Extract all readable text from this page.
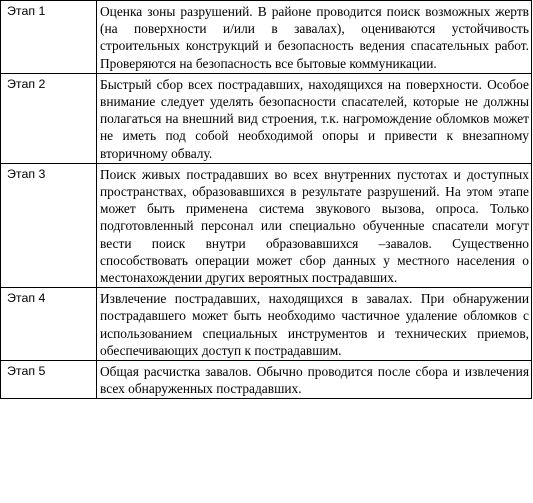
Этап 1	Оценка зоны разрушений. В районе проводится поиск возможных жертв (на поверхности и/или в завалах), оцениваются устойчивость строительных конструкций и безопасность ведения спасательных работ. Проверяются на безопасность все бытовые коммуникации.
Этап 2	Быстрый сбор всех пострадавших, находящихся на поверхности. Особое внимание следует уделять безопасности спасателей, которые не должны полагаться на внешний вид строения, т.к. нагромождение обломков может не иметь под собой необходимой опоры и привести к внезапному вторичному обвалу.
Этап 3	Поиск живых пострадавших во всех внутренних пустотах и доступных пространствах, образовавшихся в результате разрушений. На этом этапе может быть применена система звукового вызова, опроса. Только подготовленный персонал или специально обученные спасатели могут вести поиск внутри образовавшихся –завалов. Существенно способствовать операции может сбор данных у местного населения о местонахождении других вероятных пострадавших.
Этап 4	Извлечение пострадавших, находящихся в завалах. При обнаружении пострадавшего может быть необходимо частичное удаление обломков с использованием специальных инструментов и технических приемов, обеспечивающих доступ к пострадавшим.
Этап 5	Общая расчистка завалов. Обычно проводится после сбора и извлечения всех обнаруженных пострадавших.
